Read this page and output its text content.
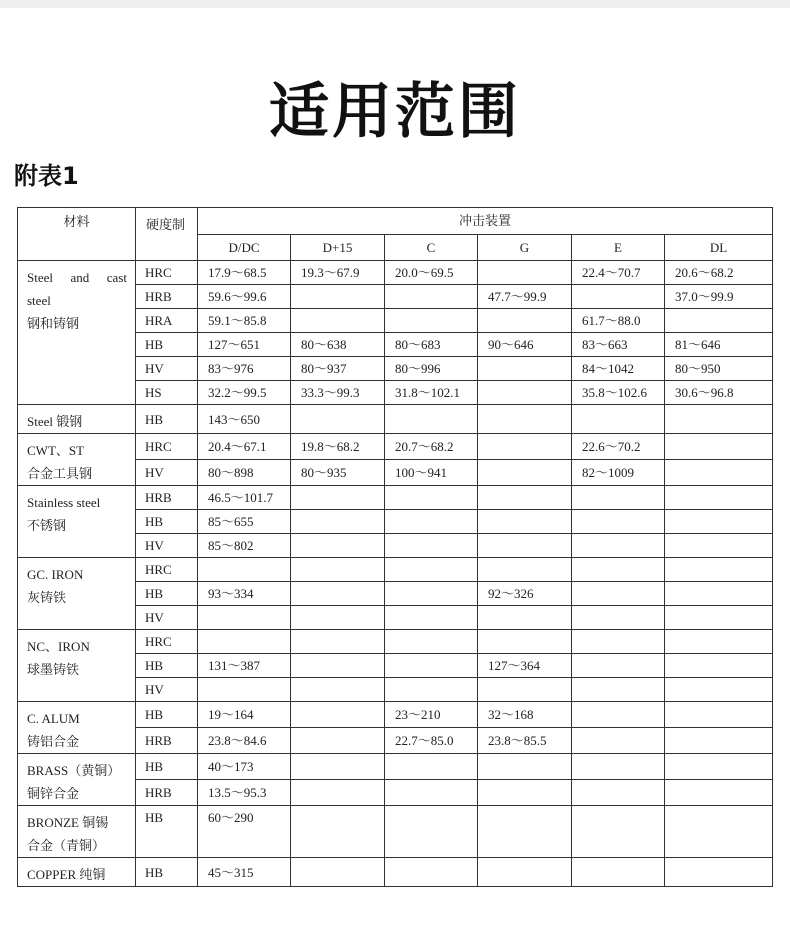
适用范围
附表1
材料	硬度制	冲击装置					
		D/DC	D+15	C	G	E	DL

Steel and cast
steel
钢和铸钢	HRC	17.9～68.5	19.3～67.9	20.0～69.5		22.4～70.7	20.6～68.2
	HRB	59.6～99.6			47.7～99.9		37.0～99.9
	HRA	59.1～85.8				61.7～88.0	
	HB	127～651	80～638	80～683	90～646	83～663	81～646
	HV	83～976	80～937	80～996		84～1042	80～950
	HS	32.2～99.5	33.3～99.3	31.8～102.1		35.8～102.6	30.6～96.8

Steel 锻钢	HB	143～650					

CWT、ST
合金工具钢	HRC	20.4～67.1	19.8～68.2	20.7～68.2		22.6～70.2	
	HV	80～898	80～935	100～941		82～1009	

Stainless steel
不锈钢	HRB	46.5～101.7					
	HB	85～655					
	HV	85～802					

GC. IRON
灰铸铁	HRC						
	HB	93～334			92～326		
	HV						

NC、IRON
球墨铸铁	HRC						
	HB	131～387			127～364		
	HV						

C. ALUM
铸铝合金	HB	19～164		23～210	32～168		
	HRB	23.8～84.6		22.7～85.0	23.8～85.5		

BRASS（黄铜）
铜锌合金	HB	40～173					
	HRB	13.5～95.3					

BRONZE 铜锡
合金（青铜）	HB	60～290					

COPPER 纯铜	HB	45～315					
